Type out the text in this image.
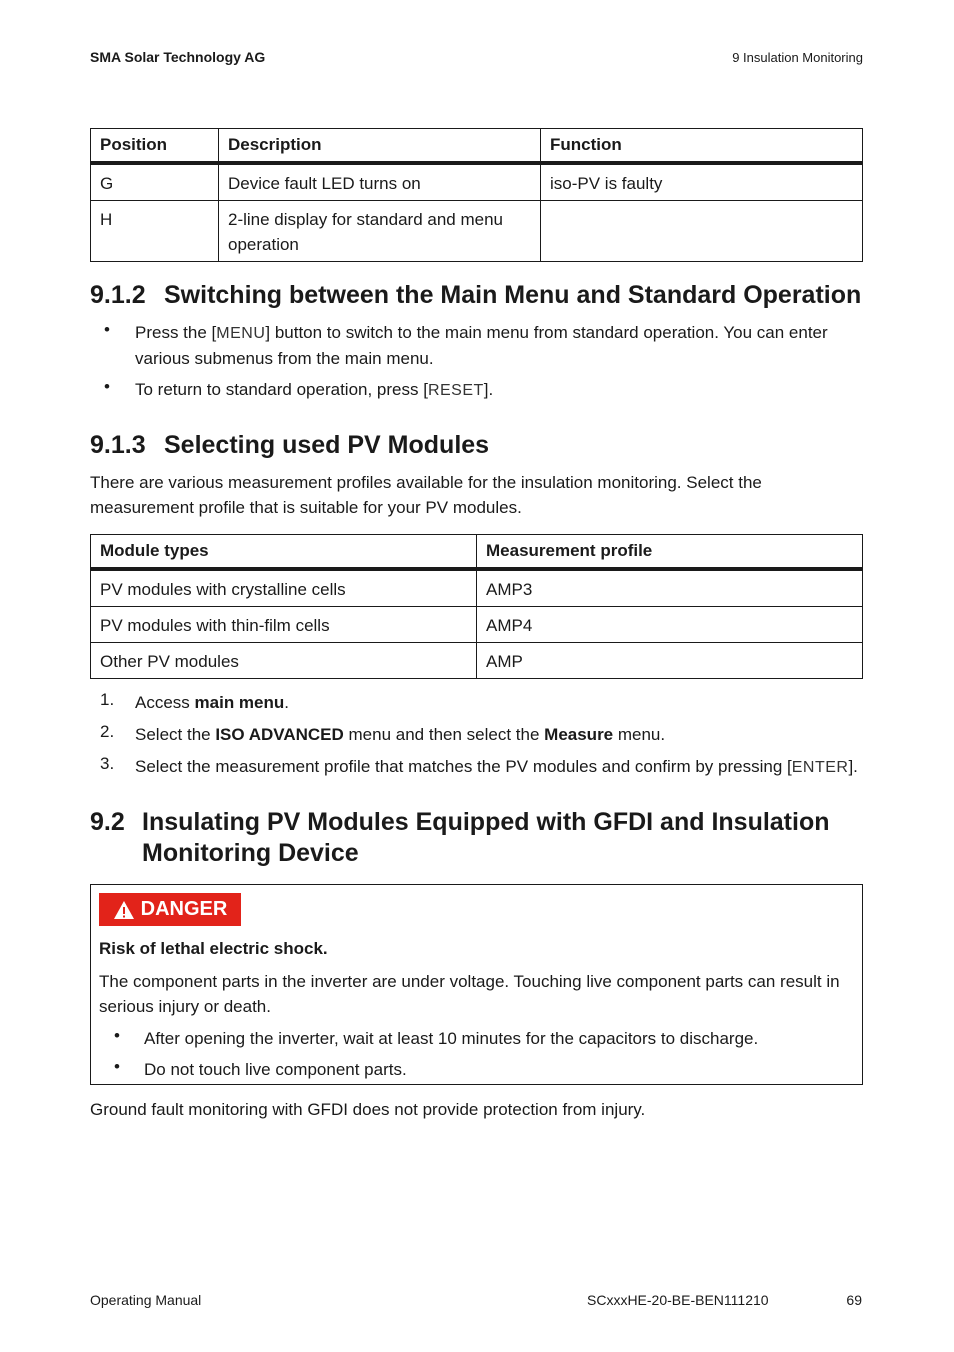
SMA Solar Technology AG	9 Insulation Monitoring
Position	Description	Function
G	Device fault LED turns on	iso-PV is faulty
H	2-line display for standard and menu operation	
9.1.2 Switching between the Main Menu and Standard Operation
• Press the [MENU] button to switch to the main menu from standard operation. You can enter various submenus from the main menu.

• To return to standard operation, press [RESET].

9.1.3 Selecting used PV Modules

There are various measurement profiles available for the insulation monitoring. Select the measurement profile that is suitable for your PV modules.

Module types	Measurement profile
PV modules with crystalline cells	AMP3
PV modules with thin-film cells	AMP4
Other PV modules	AMP
1. Access main menu.

2. Select the ISO ADVANCED menu and then select the Measure menu.

3. Select the measurement profile that matches the PV modules and confirm by pressing [ENTER].

9.2 Insulating PV Modules Equipped with GFDI and Insulation
Monitoring Device
DANGER

Risk of lethal electric shock.

The component parts in the inverter are under voltage. Touching live component parts can result in serious injury or death.

• After opening the inverter, wait at least 10 minutes for the capacitors to discharge.

• Do not touch live component parts.

Ground fault monitoring with GFDI does not provide protection from injury.

Operating Manual	SCxxxHE-20-BE-BEN111210	69
